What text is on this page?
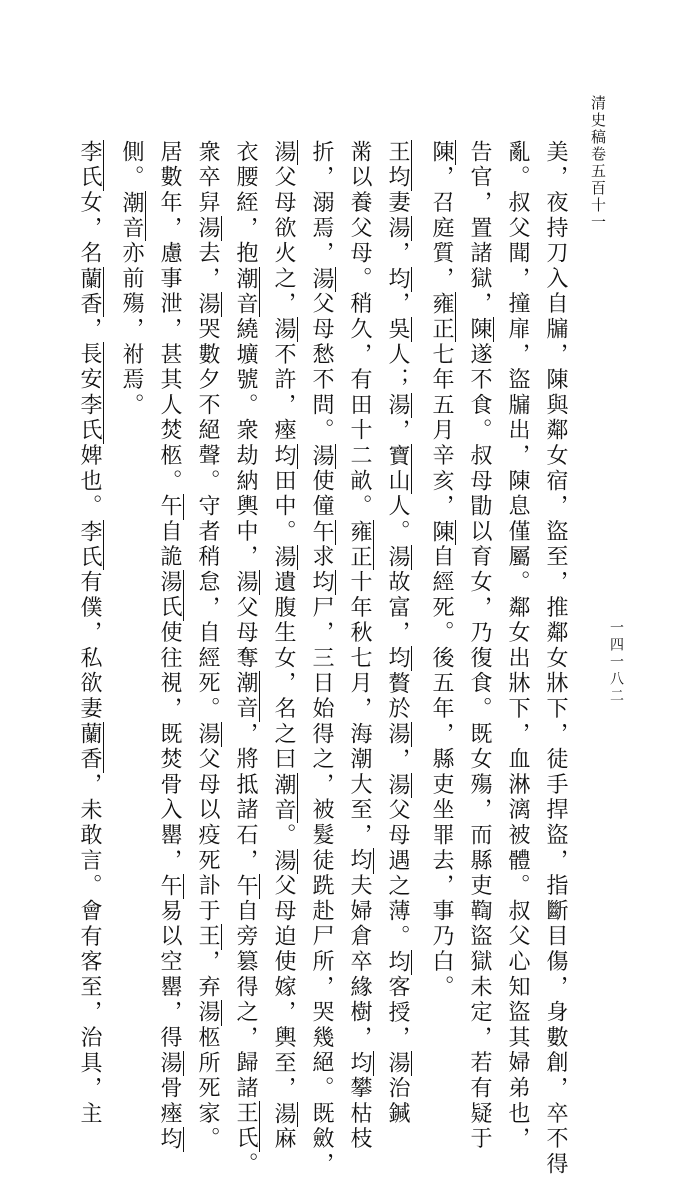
清史稿卷五百十一
一四一八二
美，夜持刀入自牖，陳與鄰女宿，盜至，推鄰女牀下，徒手捍盜，指斷目傷，身數創，卒不得
亂。叔父聞，撞扉，盜牖出，陳息僅屬。鄰女出牀下，血淋漓被體。叔父心知盜其婦弟也，
告官，置諸獄，陳遂不食。叔母勖以育女，乃復食。既女殤，而縣吏鞫盜獄未定，若有疑于
陳，召庭質，雍正七年五月辛亥，陳自經死。後五年，縣吏坐罪去，事乃白。
王均妻湯，均，吳人；湯，寶山人。湯故富，均贅於湯，湯父母遇之薄。均客授，湯治鍼
黹以養父母。稍久，有田十二畝。雍正十年秋七月，海潮大至，均夫婦倉卒緣樹，均攀枯枝
折，溺焉，湯父母愁不問。湯使僮午求均尸，三日始得之，被髮徒跣赴尸所，哭幾絕。既斂，
湯父母欲火之，湯不許，瘞均田中。湯遺腹生女，名之曰潮音。湯父母迫使嫁，輿至，湯麻
衣腰絰，抱潮音繞壙號。衆劫納輿中，湯父母奪潮音，將抵諸石，午自旁篡得之，歸諸王氏。
衆卒舁湯去，湯哭數夕不絕聲。守者稍怠，自經死。湯父母以疫死訃于王，弃湯柩所死家。
居數年，慮事泄，甚其人焚柩。午自詭湯氏使往視，既焚骨入罌，午易以空罌，得湯骨瘞均
側。潮音亦前殤，祔焉。
李氏女，名蘭香，長安李氏婢也。李氏有僕，私欲妻蘭香，未敢言。會有客至，治具，主
